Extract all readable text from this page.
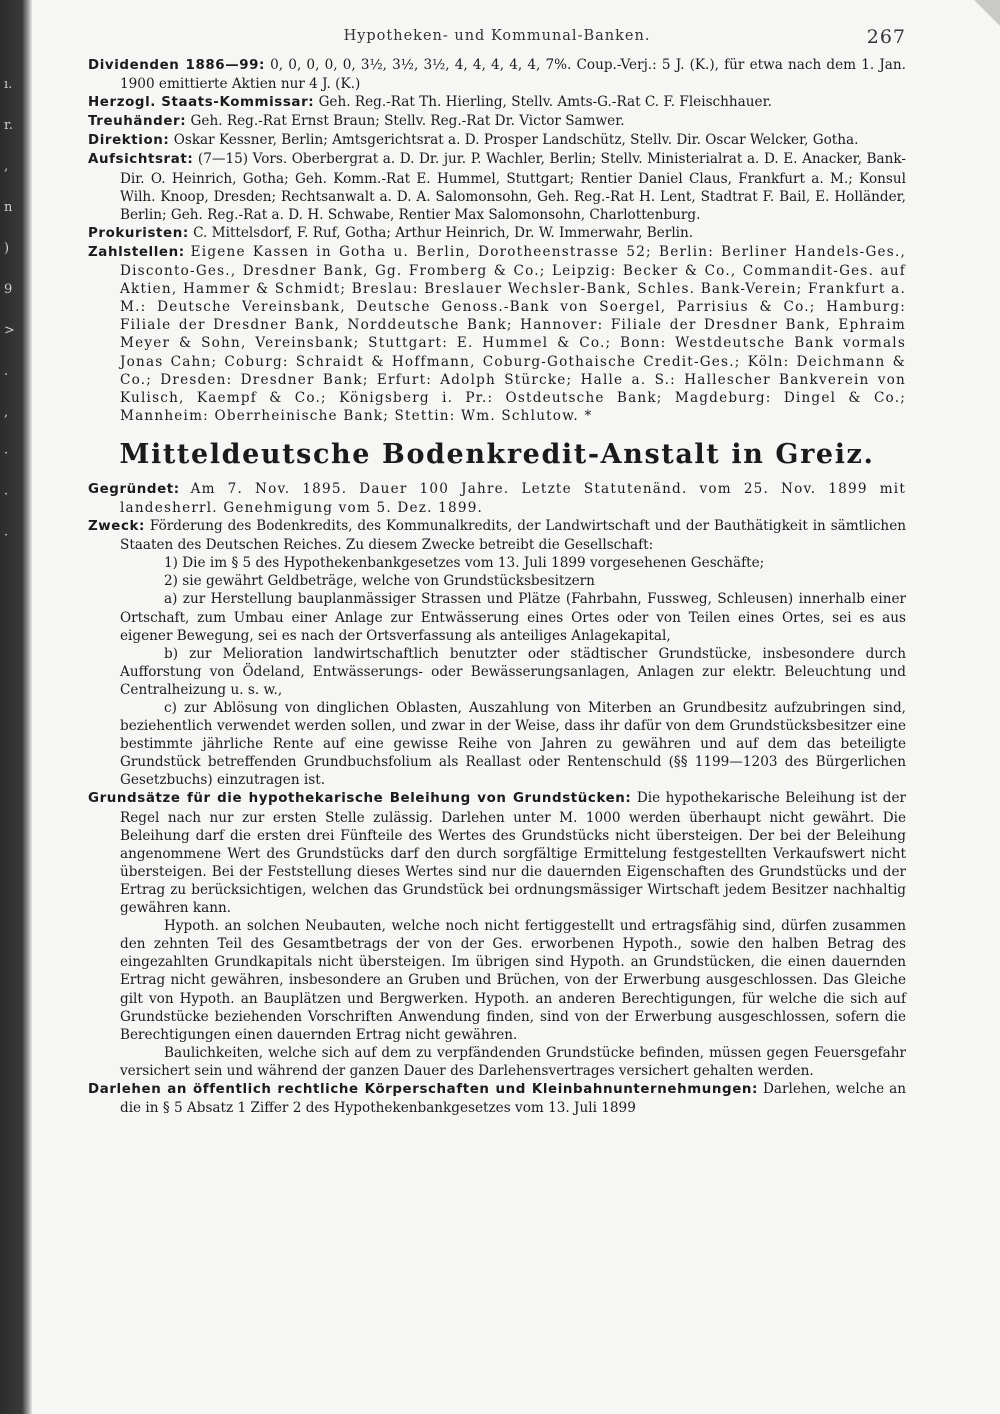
ı.
r.
,
n
)
9
>
.
,
·
·
·
Hypotheken- und Kommunal-Banken.	267

Dividenden 1886—99: 0, 0, 0, 0, 0, 3½, 3½, 3½, 4, 4, 4, 4, 4, 7%. Coup.-Verj.: 5 J. (K.), für etwa nach dem 1. Jan. 1900 emittierte Aktien nur 4 J. (K.)

Herzogl. Staats-Kommissar: Geh. Reg.-Rat Th. Hierling, Stellv. Amts-G.-Rat C. F. Fleischhauer.

Treuhänder: Geh. Reg.-Rat Ernst Braun; Stellv. Reg.-Rat Dr. Victor Samwer.

Direktion: Oskar Kessner, Berlin; Amtsgerichtsrat a. D. Prosper Landschütz, Stellv. Dir. Oscar Welcker, Gotha.

Aufsichtsrat: (7—15) Vors. Oberbergrat a. D. Dr. jur. P. Wachler, Berlin; Stellv. Ministerialrat a. D. E. Anacker, Bank-Dir. O. Heinrich, Gotha; Geh. Komm.-Rat E. Hummel, Stuttgart; Rentier Daniel Claus, Frankfurt a. M.; Konsul Wilh. Knoop, Dresden; Rechtsanwalt a. D. A. Salomonsohn, Geh. Reg.-Rat H. Lent, Stadtrat F. Bail, E. Holländer, Berlin; Geh. Reg.-Rat a. D. H. Schwabe, Rentier Max Salomonsohn, Charlottenburg.

Prokuristen: C. Mittelsdorf, F. Ruf, Gotha; Arthur Heinrich, Dr. W. Immerwahr, Berlin.

Zahlstellen: Eigene Kassen in Gotha u. Berlin, Dorotheenstrasse 52; Berlin: Berliner Handels-Ges., Disconto-Ges., Dresdner Bank, Gg. Fromberg & Co.; Leipzig: Becker & Co., Commandit-Ges. auf Aktien, Hammer & Schmidt; Breslau: Breslauer Wechsler-Bank, Schles. Bank-Verein; Frankfurt a. M.: Deutsche Vereinsbank, Deutsche Genoss.-Bank von Soergel, Parrisius & Co.; Hamburg: Filiale der Dresdner Bank, Norddeutsche Bank; Hannover: Filiale der Dresdner Bank, Ephraim Meyer & Sohn, Vereinsbank; Stuttgart: E. Hummel & Co.; Bonn: Westdeutsche Bank vormals Jonas Cahn; Coburg: Schraidt & Hoffmann, Coburg-Gothaische Credit-Ges.; Köln: Deichmann & Co.; Dresden: Dresdner Bank; Erfurt: Adolph Stürcke; Halle a. S.: Hallescher Bankverein von Kulisch, Kaempf & Co.; Königsberg i. Pr.: Ostdeutsche Bank; Magdeburg: Dingel & Co.; Mannheim: Oberrheinische Bank; Stettin: Wm. Schlutow. *

Mitteldeutsche Bodenkredit-Anstalt in Greiz.

Gegründet: Am 7. Nov. 1895. Dauer 100 Jahre. Letzte Statutenänd. vom 25. Nov. 1899 mit landesherrl. Genehmigung vom 5. Dez. 1899.

Zweck: Förderung des Bodenkredits, des Kommunalkredits, der Landwirtschaft und der Bauthätigkeit in sämtlichen Staaten des Deutschen Reiches. Zu diesem Zwecke betreibt die Gesellschaft:

1) Die im § 5 des Hypothekenbankgesetzes vom 13. Juli 1899 vorgesehenen Geschäfte;

2) sie gewährt Geldbeträge, welche von Grundstücksbesitzern

a) zur Herstellung bauplanmässiger Strassen und Plätze (Fahrbahn, Fussweg, Schleusen) innerhalb einer Ortschaft, zum Umbau einer Anlage zur Entwässerung eines Ortes oder von Teilen eines Ortes, sei es aus eigener Bewegung, sei es nach der Ortsverfassung als anteiliges Anlagekapital,

b) zur Melioration landwirtschaftlich benutzter oder städtischer Grundstücke, insbesondere durch Aufforstung von Ödeland, Entwässerungs- oder Bewässerungsanlagen, Anlagen zur elektr. Beleuchtung und Centralheizung u. s. w.,

c) zur Ablösung von dinglichen Oblasten, Auszahlung von Miterben an Grundbesitz aufzubringen sind, beziehentlich verwendet werden sollen, und zwar in der Weise, dass ihr dafür von dem Grundstücksbesitzer eine bestimmte jährliche Rente auf eine gewisse Reihe von Jahren zu gewähren und auf dem das beteiligte Grundstück betreffenden Grundbuchsfolium als Reallast oder Rentenschuld (§§ 1199—1203 des Bürgerlichen Gesetzbuchs) einzutragen ist.

Grundsätze für die hypothekarische Beleihung von Grundstücken: Die hypothekarische Beleihung ist der Regel nach nur zur ersten Stelle zulässig. Darlehen unter M. 1000 werden überhaupt nicht gewährt. Die Beleihung darf die ersten drei Fünfteile des Wertes des Grundstücks nicht übersteigen. Der bei der Beleihung angenommene Wert des Grundstücks darf den durch sorgfältige Ermittelung festgestellten Verkaufswert nicht übersteigen. Bei der Feststellung dieses Wertes sind nur die dauernden Eigenschaften des Grundstücks und der Ertrag zu berücksichtigen, welchen das Grundstück bei ordnungsmässiger Wirtschaft jedem Besitzer nachhaltig gewähren kann.

Hypoth. an solchen Neubauten, welche noch nicht fertiggestellt und ertragsfähig sind, dürfen zusammen den zehnten Teil des Gesamtbetrags der von der Ges. erworbenen Hypoth., sowie den halben Betrag des eingezahlten Grundkapitals nicht übersteigen. Im übrigen sind Hypoth. an Grundstücken, die einen dauernden Ertrag nicht gewähren, insbesondere an Gruben und Brüchen, von der Erwerbung ausgeschlossen. Das Gleiche gilt von Hypoth. an Bauplätzen und Bergwerken. Hypoth. an anderen Berechtigungen, für welche die sich auf Grundstücke beziehenden Vorschriften Anwendung finden, sind von der Erwerbung ausgeschlossen, sofern die Berechtigungen einen dauernden Ertrag nicht gewähren.

Baulichkeiten, welche sich auf dem zu verpfändenden Grundstücke befinden, müssen gegen Feuersgefahr versichert sein und während der ganzen Dauer des Darlehensvertrages versichert gehalten werden.

Darlehen an öffentlich rechtliche Körperschaften und Kleinbahnunternehmungen: Darlehen, welche an die in § 5 Absatz 1 Ziffer 2 des Hypothekenbankgesetzes vom 13. Juli 1899
